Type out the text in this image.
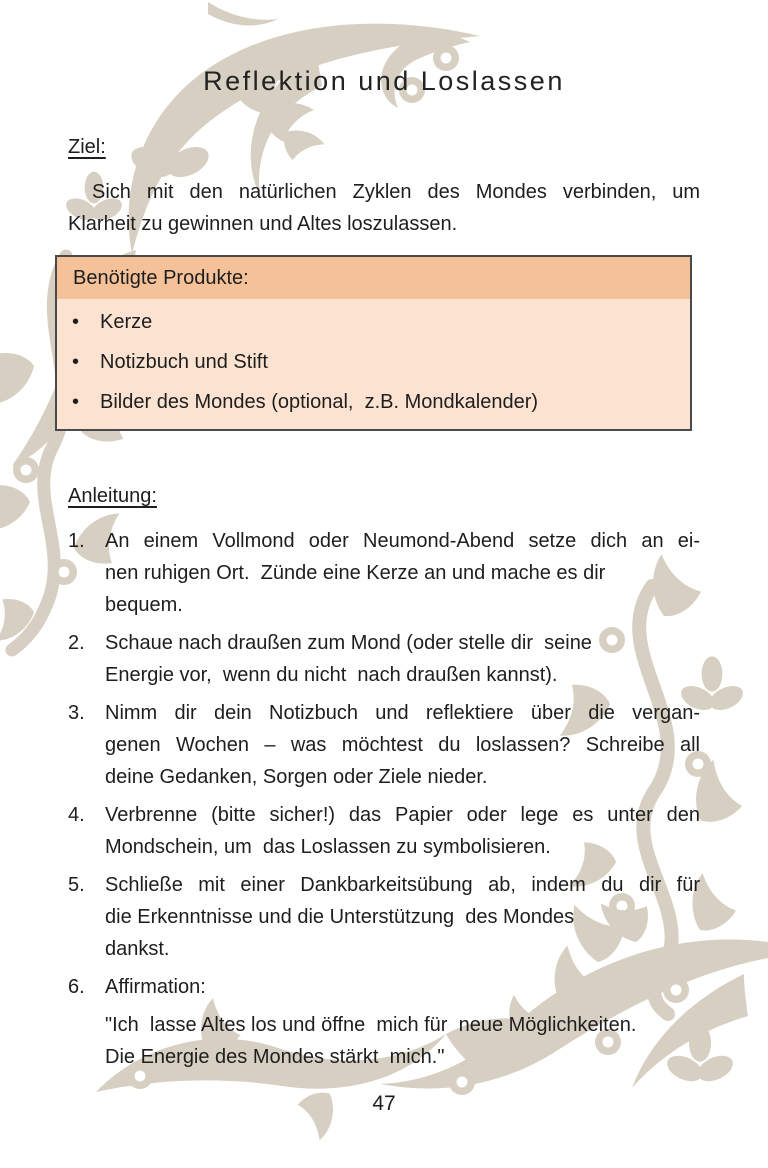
Reflektion und Loslassen
Ziel:
Sich mit den natürlichen Zyklen des Mondes verbinden, um
Klarheit zu gewinnen und Altes loszulassen.
Benötigte Produkte:
• Kerze
• Notizbuch und Stift
• Bilder des Mondes (optional,  z.B. Mondkalender)
Anleitung:
1.	An einem Vollmond oder Neumond-Abend setze dich an ei-
nen ruhigen Ort.  Zünde eine Kerze an und mache es dir
bequem.
2.	Schaue nach draußen zum Mond (oder stelle dir  seine
Energie vor,  wenn du nicht  nach draußen kannst).
3.	Nimm dir dein Notizbuch und reflektiere über die vergan-
genen Wochen – was möchtest du loslassen? Schreibe all
deine Gedanken, Sorgen oder Ziele nieder.
4.	Verbrenne (bitte sicher!) das Papier oder lege es unter den
Mondschein, um  das Loslassen zu symbolisieren.
5.	Schließe mit einer Dankbarkeitsübung ab, indem du dir für
die Erkenntnisse und die Unterstützung  des Mondes
dankst.
6.	Affirmation:
"Ich  lasse Altes los und öffne  mich für  neue Möglichkeiten.
Die Energie des Mondes stärkt  mich."
47
